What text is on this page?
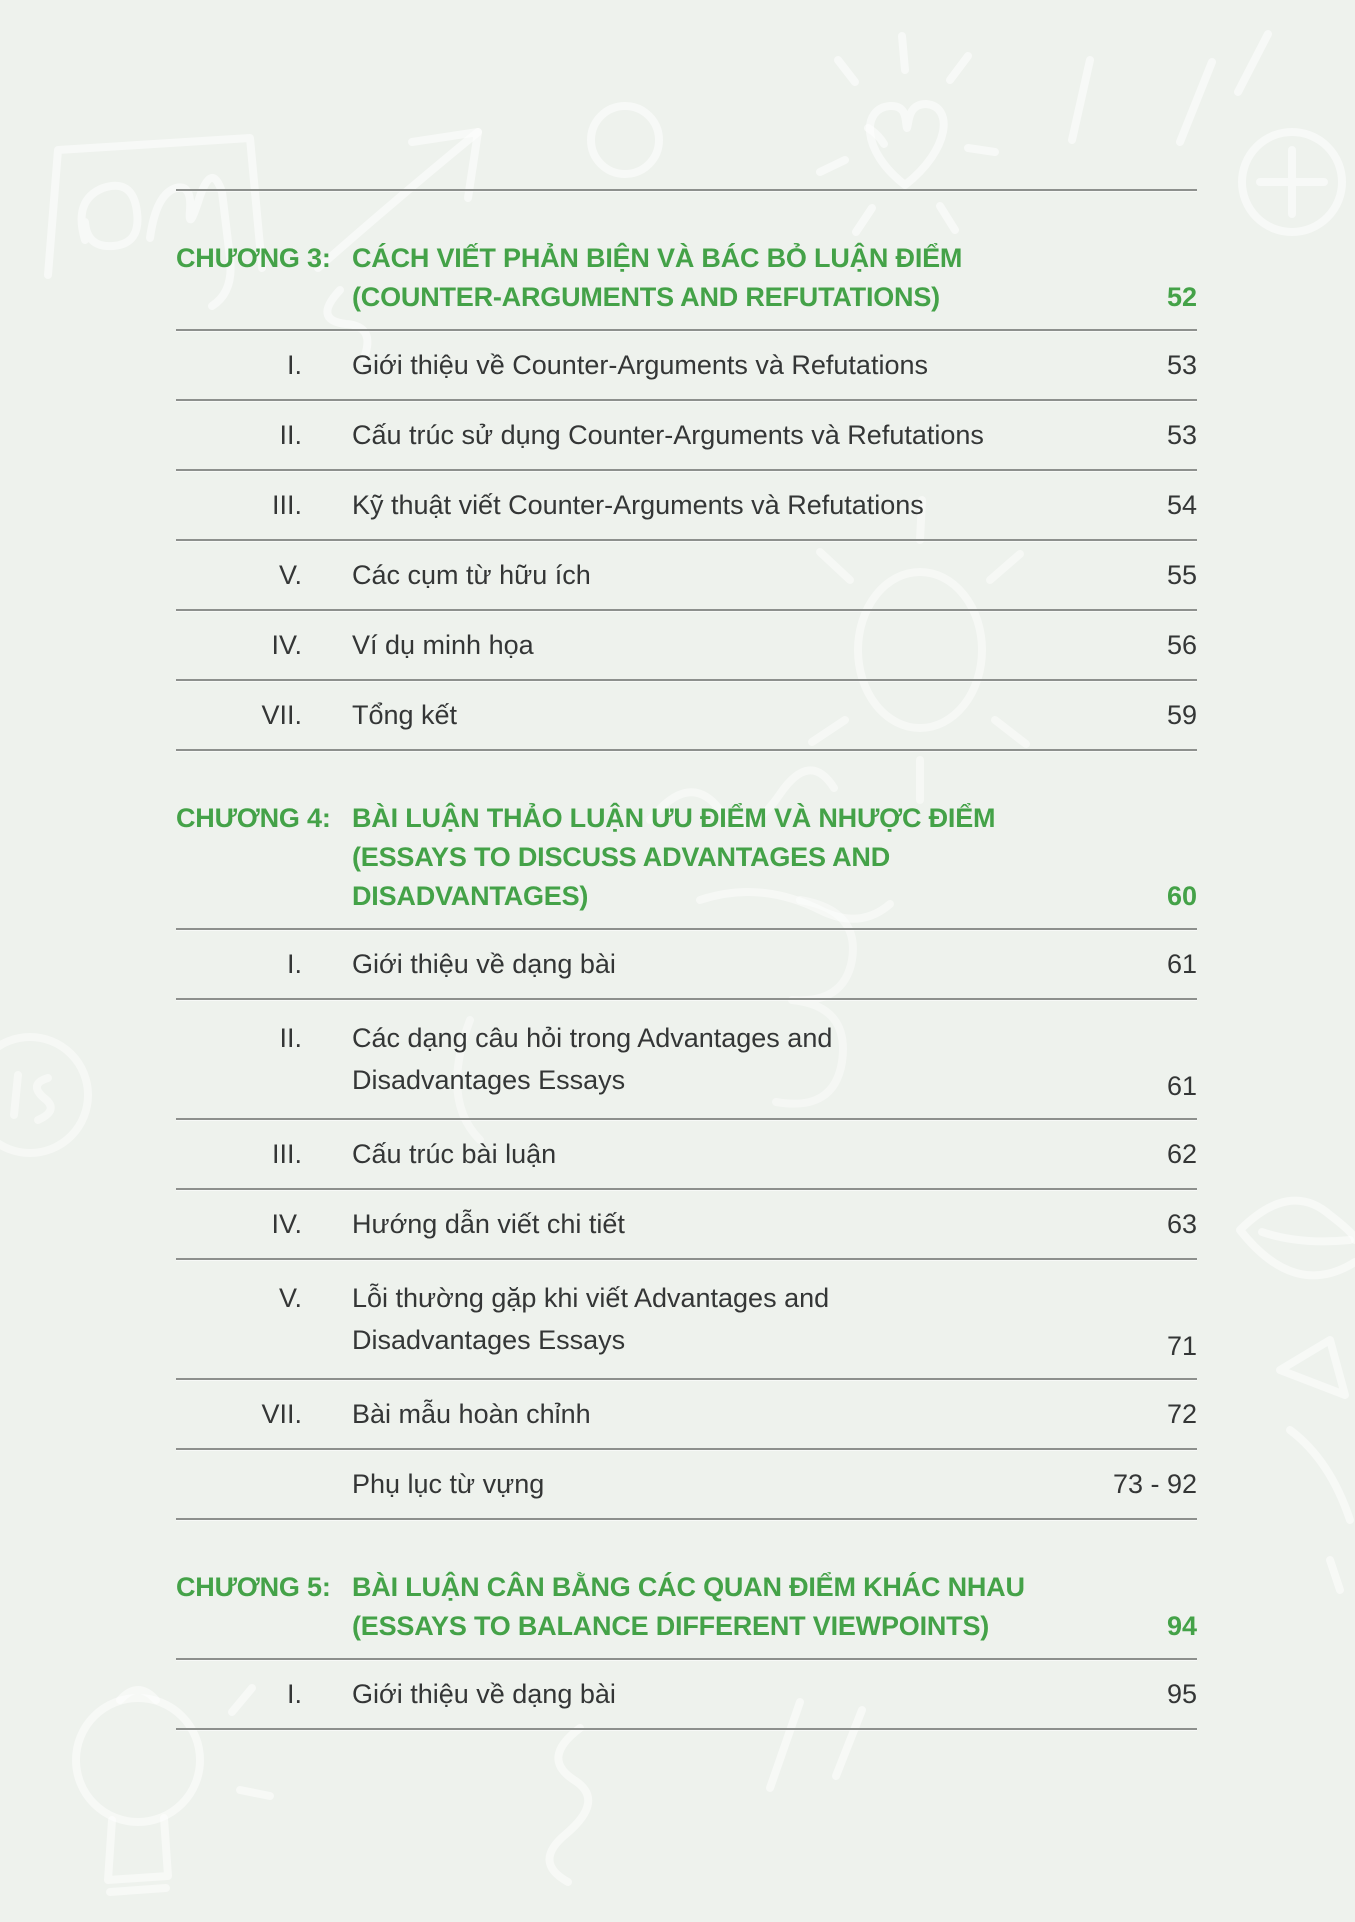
CHƯƠNG 3: CÁCH VIẾT PHẢN BIỆN VÀ BÁC BỎ LUẬN ĐIỂM
(COUNTER-ARGUMENTS AND REFUTATIONS)	52
I.	Giới thiệu về Counter-Arguments và Refutations	53
II.	Cấu trúc sử dụng Counter-Arguments và Refutations	53
III.	Kỹ thuật viết Counter-Arguments và Refutations	54
V.	Các cụm từ hữu ích	55
IV.	Ví dụ minh họa	56
VII.	Tổng kết	59
CHƯƠNG 4: BÀI LUẬN THẢO LUẬN ƯU ĐIỂM VÀ NHƯỢC ĐIỂM
(ESSAYS TO DISCUSS ADVANTAGES AND
DISADVANTAGES)	60
I.	Giới thiệu về dạng bài	61
II.	Các dạng câu hỏi trong Advantages and
Disadvantages Essays	61
III.	Cấu trúc bài luận	62
IV.	Hướng dẫn viết chi tiết	63
V.	Lỗi thường gặp khi viết Advantages and
Disadvantages Essays	71
VII.	Bài mẫu hoàn chỉnh	72
Phụ lục từ vựng	73 - 92
CHƯƠNG 5: BÀI LUẬN CÂN BẰNG CÁC QUAN ĐIỂM KHÁC NHAU
(ESSAYS TO BALANCE DIFFERENT VIEWPOINTS)	94
I.	Giới thiệu về dạng bài	95
